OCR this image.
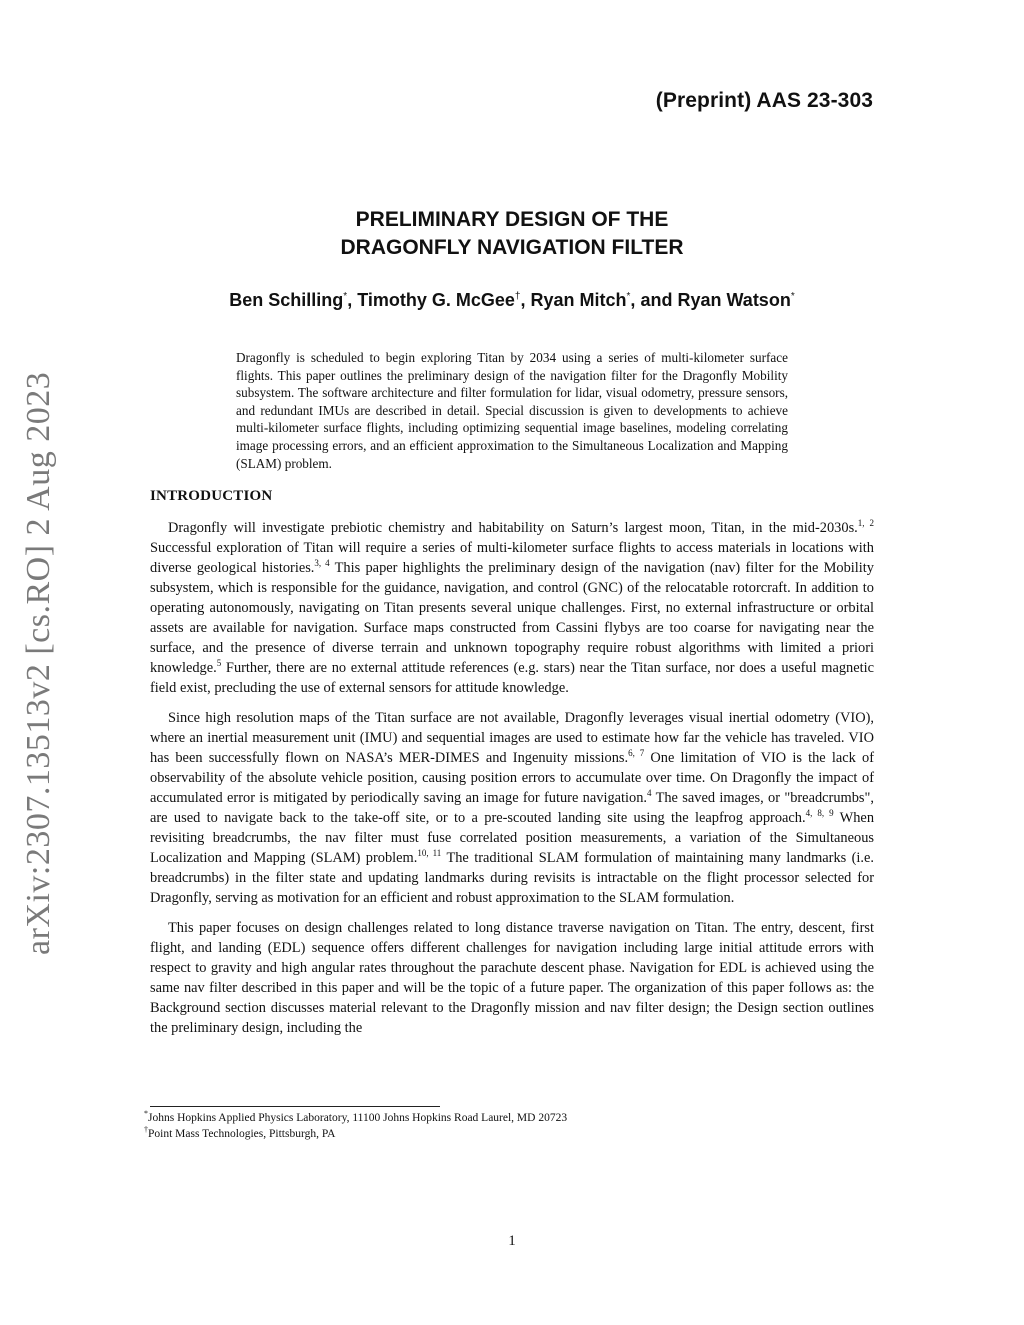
(Preprint) AAS 23-303
PRELIMINARY DESIGN OF THE
DRAGONFLY NAVIGATION FILTER
Ben Schilling*, Timothy G. McGee†, Ryan Mitch*, and Ryan Watson*
arXiv:2307.13513v2 [cs.RO] 2 Aug 2023
Dragonfly is scheduled to begin exploring Titan by 2034 using a series of multi-kilometer surface flights. This paper outlines the preliminary design of the navigation filter for the Dragonfly Mobility subsystem. The software architecture and filter formulation for lidar, visual odometry, pressure sensors, and redundant IMUs are described in detail. Special discussion is given to developments to achieve multi-kilometer surface flights, including optimizing sequential image baselines, modeling correlating image processing errors, and an efficient approximation to the Simultaneous Localization and Mapping (SLAM) problem.
INTRODUCTION

Dragonfly will investigate prebiotic chemistry and habitability on Saturn’s largest moon, Titan, in the mid-2030s.$^{1, 2}$ Successful exploration of Titan will require a series of multi-kilometer surface flights to access materials in locations with diverse geological histories.$^{3, 4}$ This paper highlights the preliminary design of the navigation (nav) filter for the Mobility subsystem, which is responsible for the guidance, navigation, and control (GNC) of the relocatable rotorcraft. In addition to operating autonomously, navigating on Titan presents several unique challenges. First, no external infrastructure or orbital assets are available for navigation. Surface maps constructed from Cassini flybys are too coarse for navigating near the surface, and the presence of diverse terrain and unknown topography require robust algorithms with limited a priori knowledge.$^5$ Further, there are no external attitude references (e.g. stars) near the Titan surface, nor does a useful magnetic field exist, precluding the use of external sensors for attitude knowledge.

Since high resolution maps of the Titan surface are not available, Dragonfly leverages visual inertial odometry (VIO), where an inertial measurement unit (IMU) and sequential images are used to estimate how far the vehicle has traveled. VIO has been successfully flown on NASA’s MER-DIMES and Ingenuity missions.$^{6, 7}$ One limitation of VIO is the lack of observability of the absolute vehicle position, causing position errors to accumulate over time. On Dragonfly the impact of accumulated error is mitigated by periodically saving an image for future navigation.$^4$ The saved images, or "breadcrumbs", are used to navigate back to the take-off site, or to a pre-scouted landing site using the leapfrog approach.$^{4, 8, 9}$ When revisiting breadcrumbs, the nav filter must fuse correlated position measurements, a variation of the Simultaneous Localization and Mapping (SLAM) problem.$^{10, 11}$ The traditional SLAM formulation of maintaining many landmarks (i.e. breadcrumbs) in the filter state and updating landmarks during revisits is intractable on the flight processor selected for Dragonfly, serving as motivation for an efficient and robust approximation to the SLAM formulation.

This paper focuses on design challenges related to long distance traverse navigation on Titan. The entry, descent, first flight, and landing (EDL) sequence offers different challenges for navigation including large initial attitude errors with respect to gravity and high angular rates throughout the parachute descent phase. Navigation for EDL is achieved using the same nav filter described in this paper and will be the topic of a future paper. The organization of this paper follows as: the Background section discusses material relevant to the Dragonfly mission and nav filter design; the Design section outlines the preliminary design, including the

*Johns Hopkins Applied Physics Laboratory, 11100 Johns Hopkins Road Laurel, MD 20723
†Point Mass Technologies, Pittsburgh, PA
1
